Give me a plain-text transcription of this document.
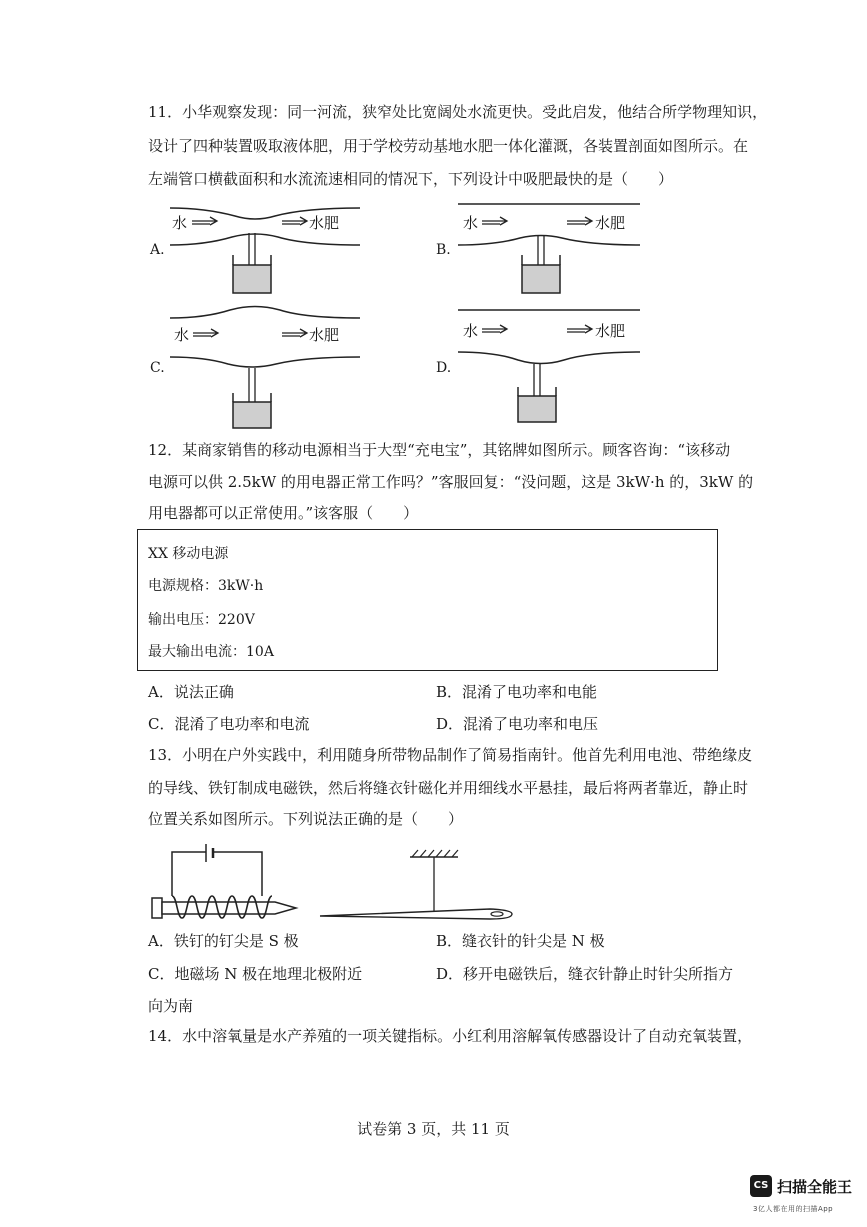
11．小华观察发现：同一河流，狭窄处比宽阔处水流更快。受此启发，他结合所学物理知识，
设计了四种装置吸取液体肥，用于学校劳动基地水肥一体化灌溉，各装置剖面如图所示。在
左端管口横截面积和水流流速相同的情况下，下列设计中吸肥最快的是（　　）
A.	B.
C.	D.
水	水肥	水	水肥
水	水肥	水	水肥
12．某商家销售的移动电源相当于大型“充电宝”，其铭牌如图所示。顾客咨询：“该移动
电源可以供 2.5kW 的用电器正常工作吗？”客服回复：“没问题，这是 3kW·h 的，3kW 的
用电器都可以正常使用。”该客服（　　）
XX 移动电源
电源规格：3kW·h
输出电压：220V
最大输出电流：10A
A．说法正确	B．混淆了电功率和电能
C．混淆了电功率和电流	D．混淆了电功率和电压
13．小明在户外实践中，利用随身所带物品制作了简易指南针。他首先利用电池、带绝缘皮
的导线、铁钉制成电磁铁，然后将缝衣针磁化并用细线水平悬挂，最后将两者靠近，静止时
位置关系如图所示。下列说法正确的是（　　）
A．铁钉的钉尖是 S 极	B．缝衣针的针尖是 N 极
C．地磁场 N 极在地理北极附近	D．移开电磁铁后，缝衣针静止时针尖所指方
向为南
14．水中溶氧量是水产养殖的一项关键指标。小红利用溶解氧传感器设计了自动充氧装置，
试卷第 3 页，共 11 页
CS 扫描全能王
3亿人都在用的扫描App
